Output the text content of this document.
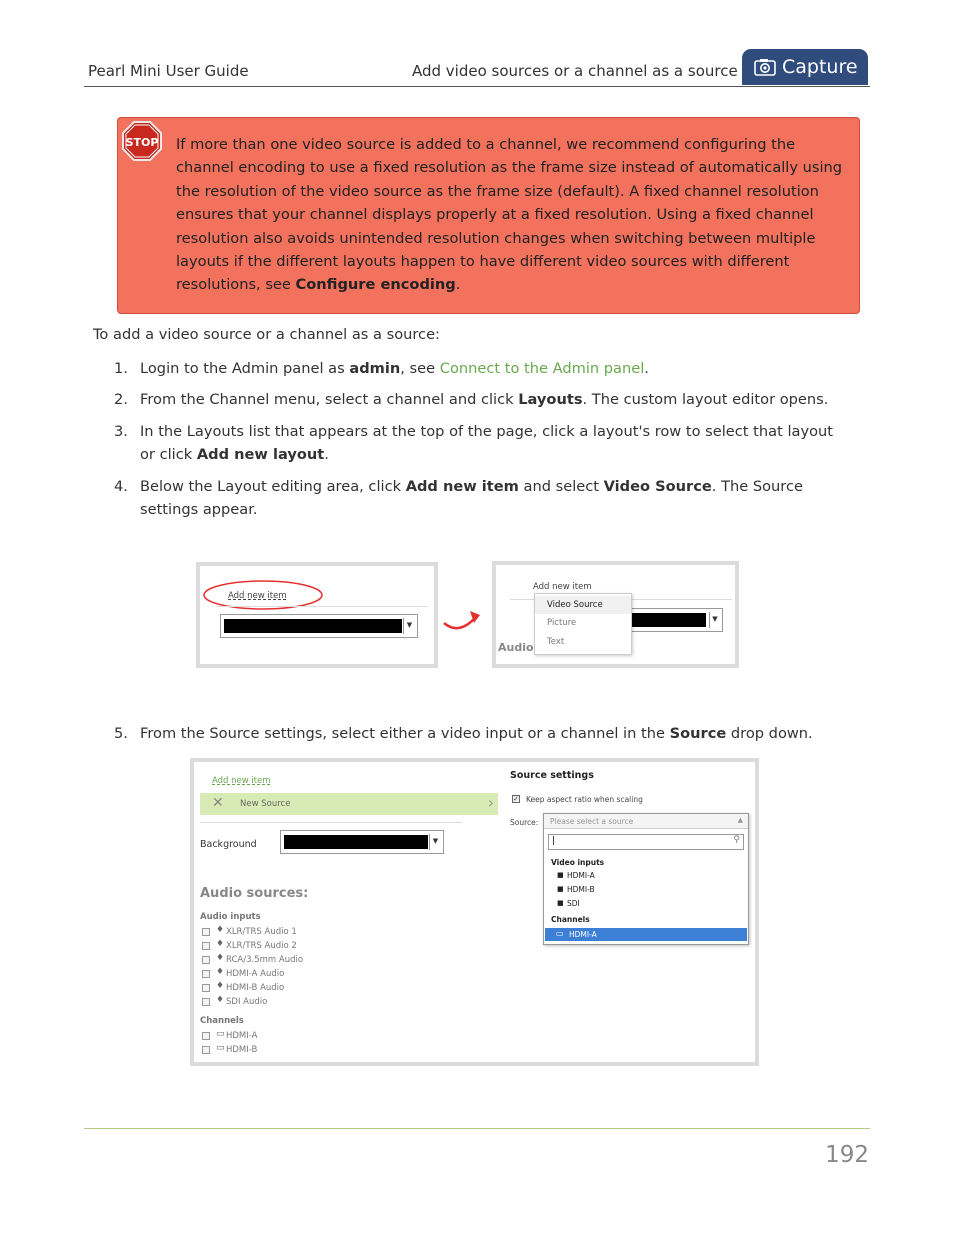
Pearl Mini User Guide	Add video sources or a channel as a source Capture
STOP If more than one video source is added to a channel, we recommend configuring the channel encoding to use a fixed resolution as the frame size instead of automatically using the resolution of the video source as the frame size (default). A fixed channel resolution ensures that your channel displays properly at a fixed resolution. Using a fixed channel resolution also avoids unintended resolution changes when switching between multiple layouts if the different layouts happen to have different video sources with different resolutions, see Configure encoding.
To add a video source or a channel as a source:
1. Login to the Admin panel as admin, see Connect to the Admin panel.
2. From the Channel menu, select a channel and click Layouts. The custom layout editor opens.
3. In the Layouts list that appears at the top of the page, click a layout's row to select that layout or click Add new layout.
4. Below the Layout editing area, click Add new item and select Video Source. The Source settings appear.
Add new item
▼
Add new item
▼
Audio
Video Source
Picture
Text
5. From the Source settings, select either a video input or a channel in the Source drop down.
Add new item
✕ New Source	›
Background	▼
Audio sources:
Audio inputs
♦ XLR/TRS Audio 1
♦ XLR/TRS Audio 2
♦ RCA/3.5mm Audio
♦ HDMI-A Audio
♦ HDMI-B Audio
♦ SDI Audio
Channels
▭ HDMI-A
▭ HDMI-B
Source settings
✓ Keep aspect ratio when scaling
Source: Please select a source	▲
|	⚲
Video inputs
■ HDMI-A
■ HDMI-B
■ SDI
Channels
▭ HDMI-A
192
